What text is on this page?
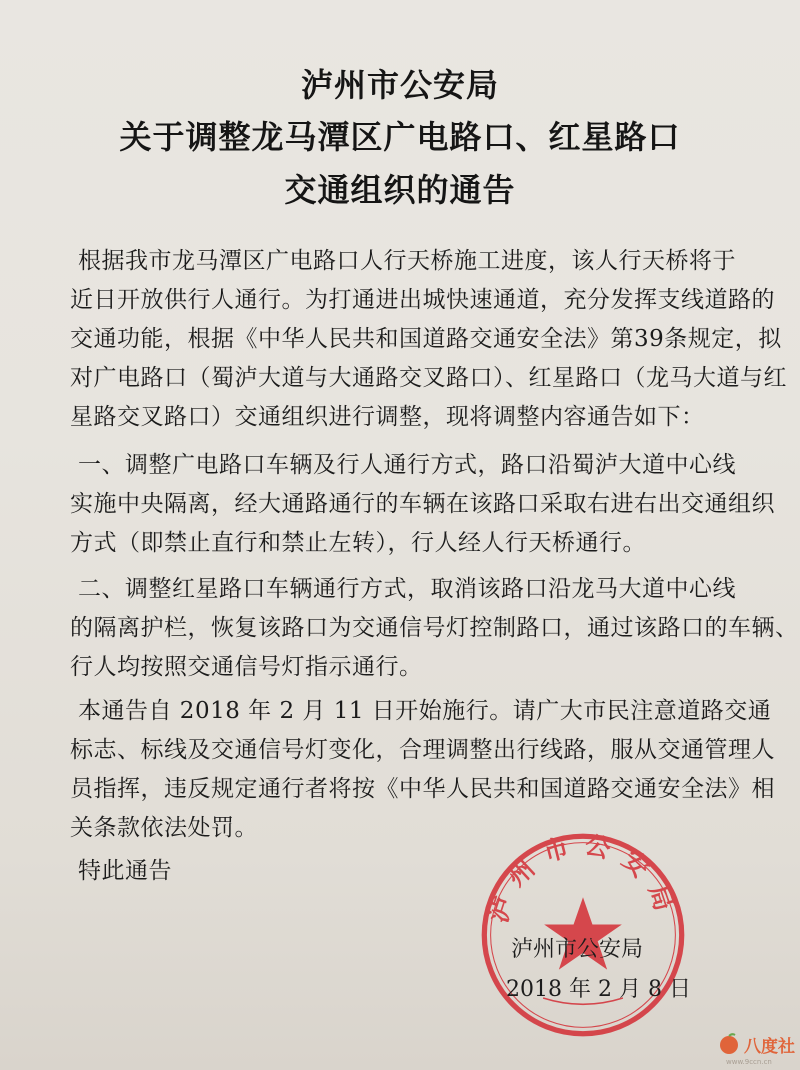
泸州市公安局
关于调整龙马潭区广电路口、红星路口
交通组织的通告
根据我市龙马潭区广电路口人行天桥施工进度，该人行天桥将于
近日开放供行人通行。为打通进出城快速通道，充分发挥支线道路的
交通功能，根据《中华人民共和国道路交通安全法》第39条规定，拟
对广电路口（蜀泸大道与大通路交叉路口）、红星路口（龙马大道与红
星路交叉路口）交通组织进行调整，现将调整内容通告如下：
一、调整广电路口车辆及行人通行方式，路口沿蜀泸大道中心线
实施中央隔离，经大通路通行的车辆在该路口采取右进右出交通组织
方式（即禁止直行和禁止左转），行人经人行天桥通行。
二、调整红星路口车辆通行方式，取消该路口沿龙马大道中心线
的隔离护栏，恢复该路口为交通信号灯控制路口，通过该路口的车辆、
行人均按照交通信号灯指示通行。
本通告自 2018 年 2 月 11 日开始施行。请广大市民注意道路交通
标志、标线及交通信号灯变化，合理调整出行线路，服从交通管理人
员指挥，违反规定通行者将按《中华人民共和国道路交通安全法》相
关条款依法处罚。
特此通告
泸州市公安局
泸州市公安局
2018 年 2 月 8 日
八度社
www.9ccn.cn
